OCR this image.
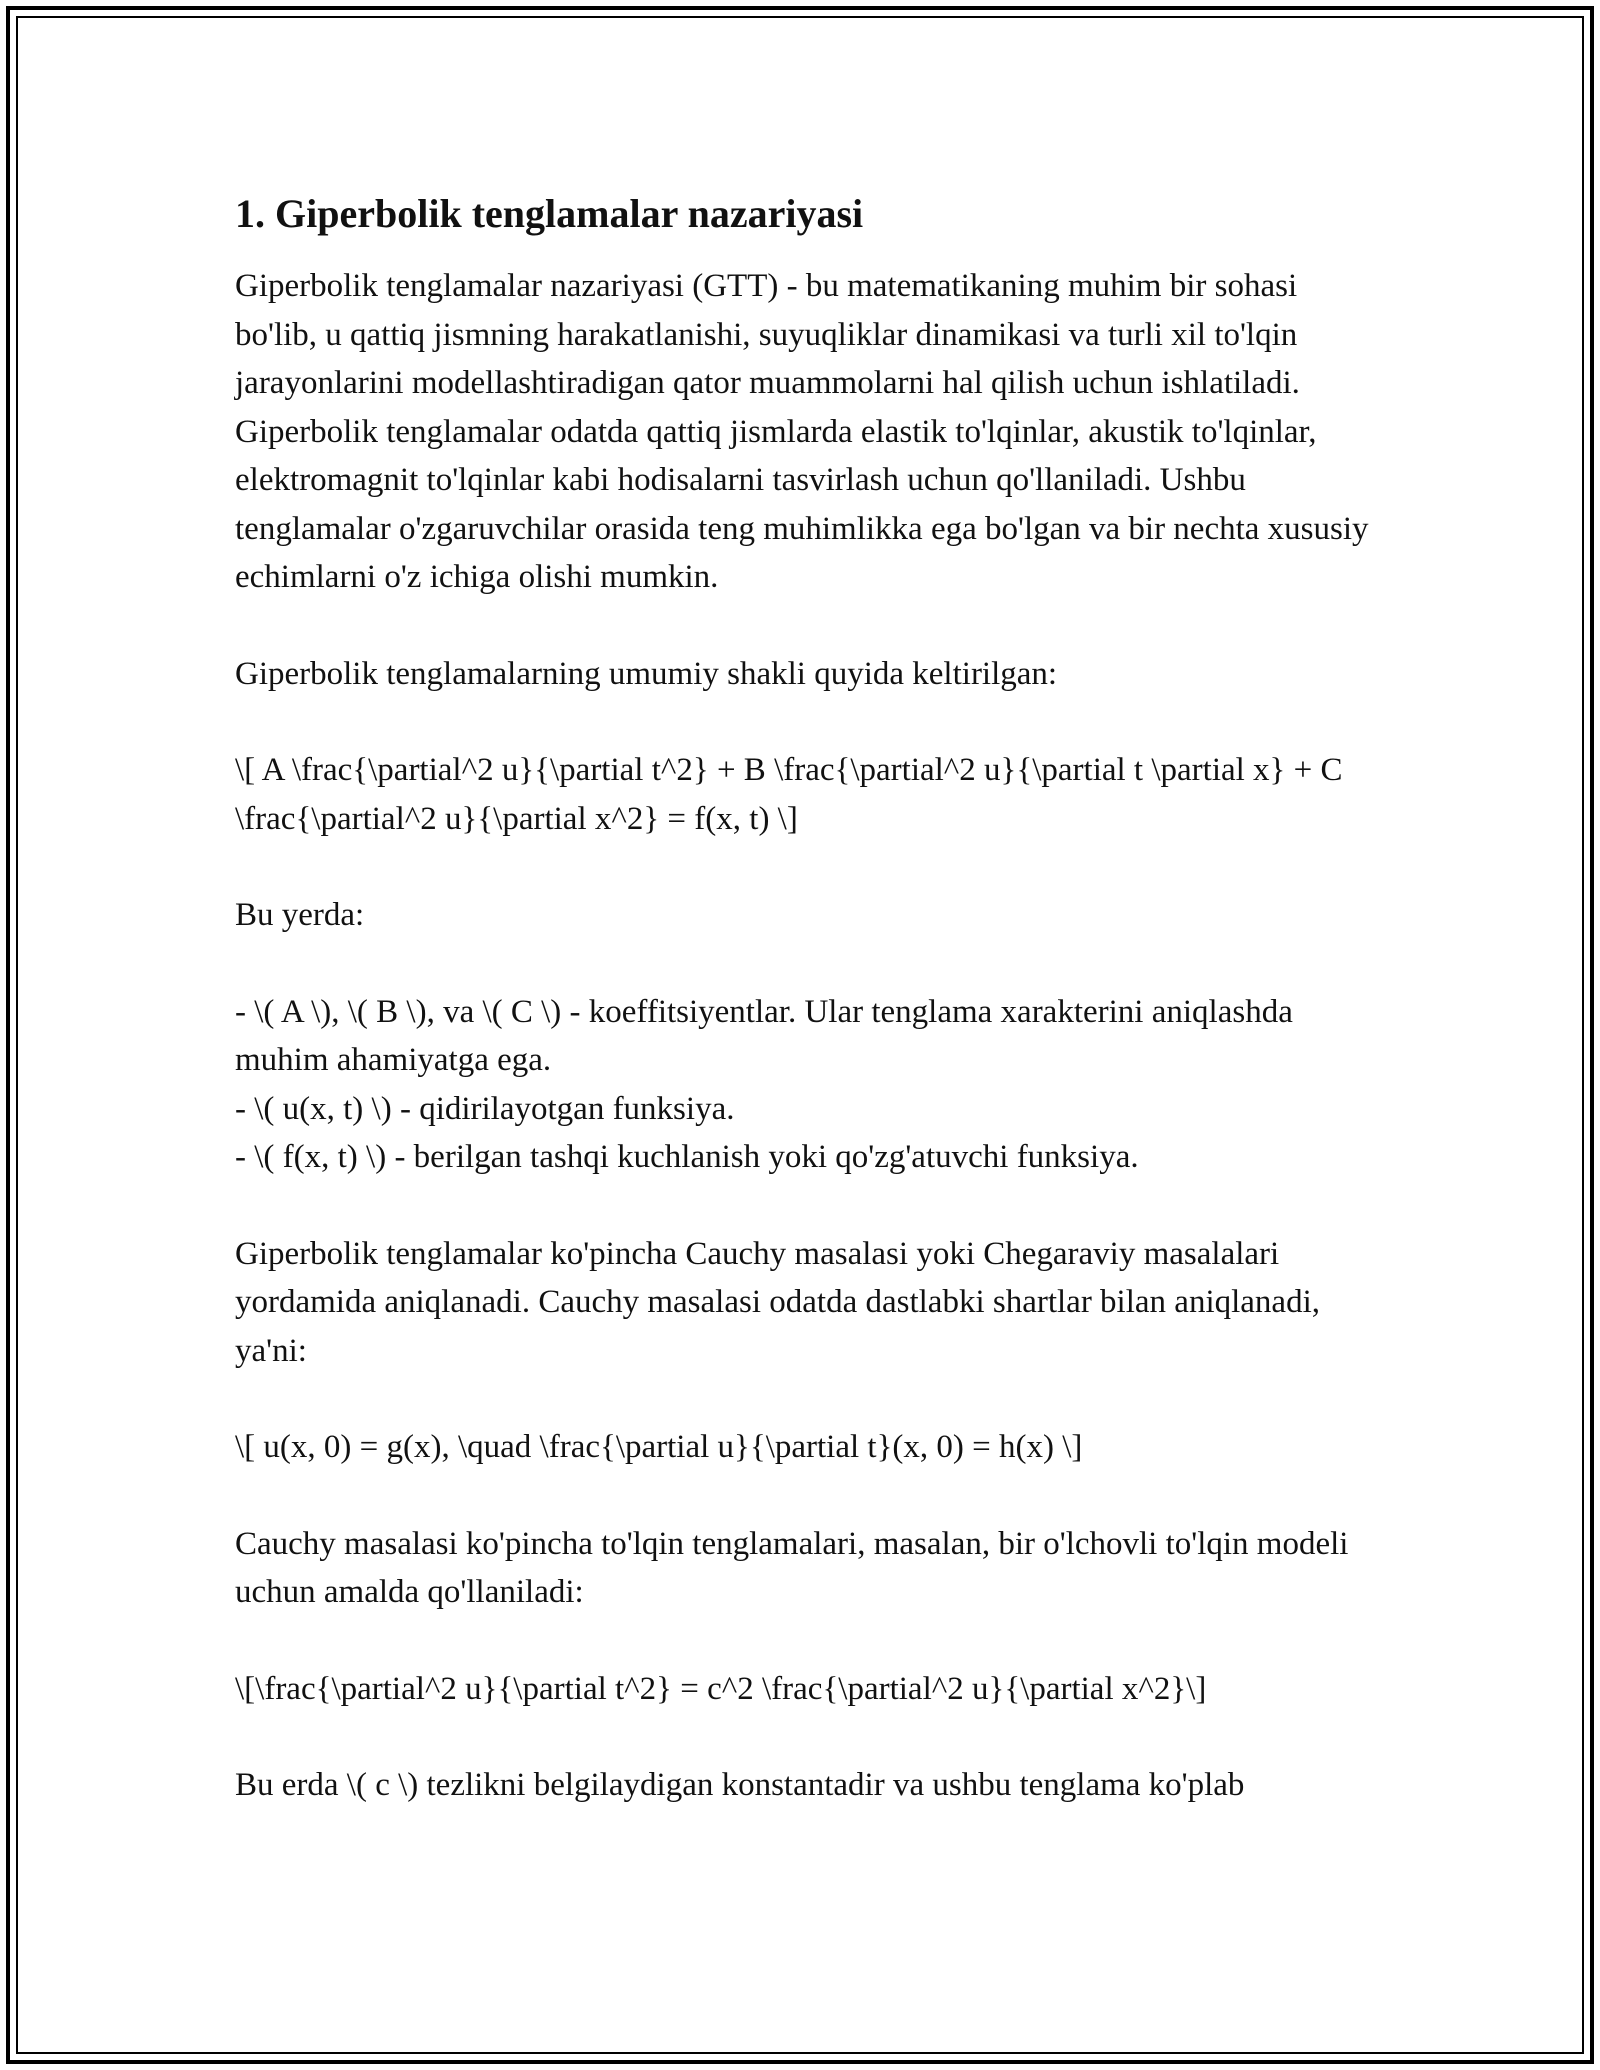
1. Giperbolik tenglamalar nazariyasi

Giperbolik tenglamalar nazariyasi (GTT) - bu matematikaning muhim bir sohasi bo'lib, u qattiq jismning harakatlanishi, suyuqliklar dinamikasi va turli xil to'lqin jarayonlarini modellashtiradigan qator muammolarni hal qilish uchun ishlatiladi. Giperbolik tenglamalar odatda qattiq jismlarda elastik to'lqinlar, akustik to'lqinlar, elektromagnit to'lqinlar kabi hodisalarni tasvirlash uchun qo'llaniladi. Ushbu tenglamalar o'zgaruvchilar orasida teng muhimlikka ega bo'lgan va bir nechta xususiy echimlarni o'z ichiga olishi mumkin.

Giperbolik tenglamalarning umumiy shakli quyida keltirilgan:

\[ A \frac{\partial^2 u}{\partial t^2} + B \frac{\partial^2 u}{\partial t \partial x} + C \frac{\partial^2 u}{\partial x^2} = f(x, t) \]

Bu yerda:

- \( A \), \( B \), va \( C \) - koeffitsiyentlar. Ular tenglama xarakterini aniqlashda muhim ahamiyatga ega.

- \( u(x, t) \) - qidirilayotgan funksiya.

- \( f(x, t) \) - berilgan tashqi kuchlanish yoki qo'zg'atuvchi funksiya.

Giperbolik tenglamalar ko'pincha Cauchy masalasi yoki Chegaraviy masalalari yordamida aniqlanadi. Cauchy masalasi odatda dastlabki shartlar bilan aniqlanadi, ya'ni:

\[ u(x, 0) = g(x), \quad \frac{\partial u}{\partial t}(x, 0) = h(x) \]

Cauchy masalasi ko'pincha to'lqin tenglamalari, masalan, bir o'lchovli to'lqin modeli uchun amalda qo'llaniladi:

\[\frac{\partial^2 u}{\partial t^2} = c^2 \frac{\partial^2 u}{\partial x^2}\]

Bu erda \( c \) tezlikni belgilaydigan konstantadir va ushbu tenglama ko'plab
